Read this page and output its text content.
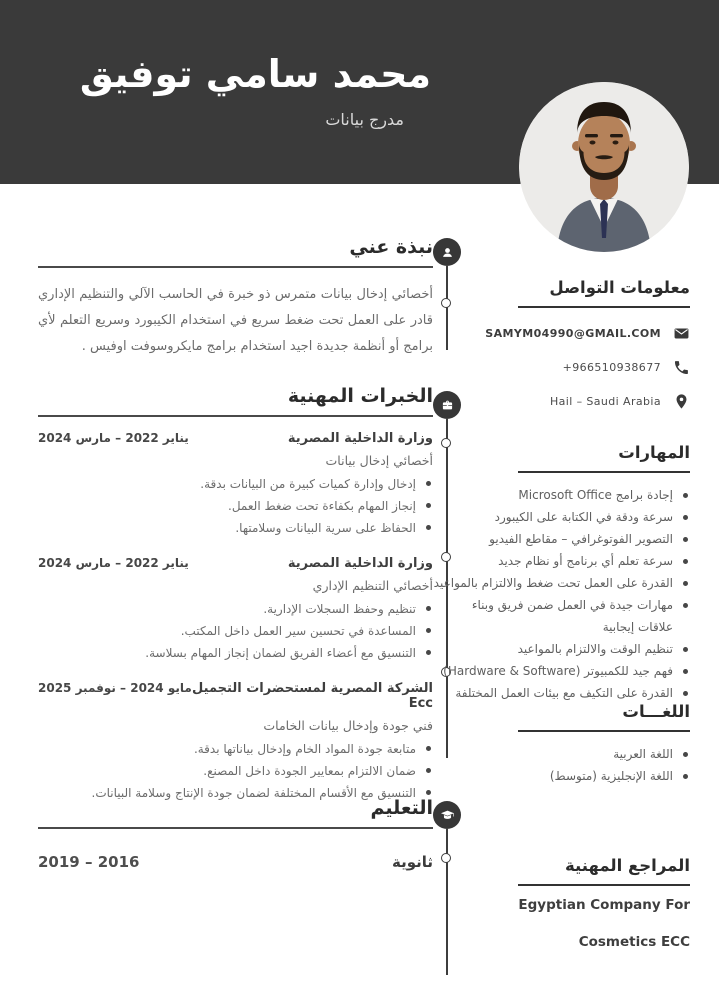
محمد سامي توفيق
مدرج بيانات
نبذة عني

أخصائي إدخال بيانات متمرس ذو خبرة في الحاسب الآلي والتنظيم الإداري قادر على العمل تحت ضغط سريع في استخدام الكيبورد وسريع التعلم لأي برامج أو أنظمة جديدة اجيد استخدام برامج مايكروسوفت اوفيس .

الخبرات المهنية
وزارة الداخلية المصرية
يناير 2022 – مارس 2024
أخصائي إدخال بيانات
إدخال وإدارة كميات كبيرة من البيانات بدقة.
إنجاز المهام بكفاءة تحت ضغط العمل.
الحفاظ على سرية البيانات وسلامتها.
وزارة الداخلية المصرية
يناير 2022 – مارس 2024
أخصائي التنظيم الإداري
تنظيم وحفظ السجلات الإدارية.
المساعدة في تحسين سير العمل داخل المكتب.
التنسيق مع أعضاء الفريق لضمان إنجاز المهام بسلاسة.
الشركة المصرية لمستحضرات التجميل Ecc
مايو 2024 – نوفمبر 2025
فني جودة وإدخال بيانات الخامات
متابعة جودة المواد الخام وإدخال بياناتها بدقة.
ضمان الالتزام بمعايير الجودة داخل المصنع.
التنسيق مع الأقسام المختلفة لضمان جودة الإنتاج وسلامة البيانات.
التعليم
ثانوية
2016 – 2019
معلومات التواصل
SAMYM04990@GMAIL.COM
+966510938677
Hail – Saudi Arabia
المهارات
إجادة برامج Microsoft Office
سرعة ودقة في الكتابة على الكيبورد
التصوير الفوتوغرافي – مقاطع الفيديو
سرعة تعلم أي برنامج أو نظام جديد
القدرة على العمل تحت ضغط والالتزام بالمواعيد
مهارات جيدة في العمل ضمن فريق وبناء علاقات إيجابية
تنظيم الوقت والالتزام بالمواعيد
فهم جيد للكمبيوتر (Hardware & Software)
القدرة على التكيف مع بيئات العمل المختلفة
اللغـــات
اللغة العربية
اللغة الإنجليزية (متوسط)
المراجع المهنية
Egyptian Company For
Cosmetics ECC
